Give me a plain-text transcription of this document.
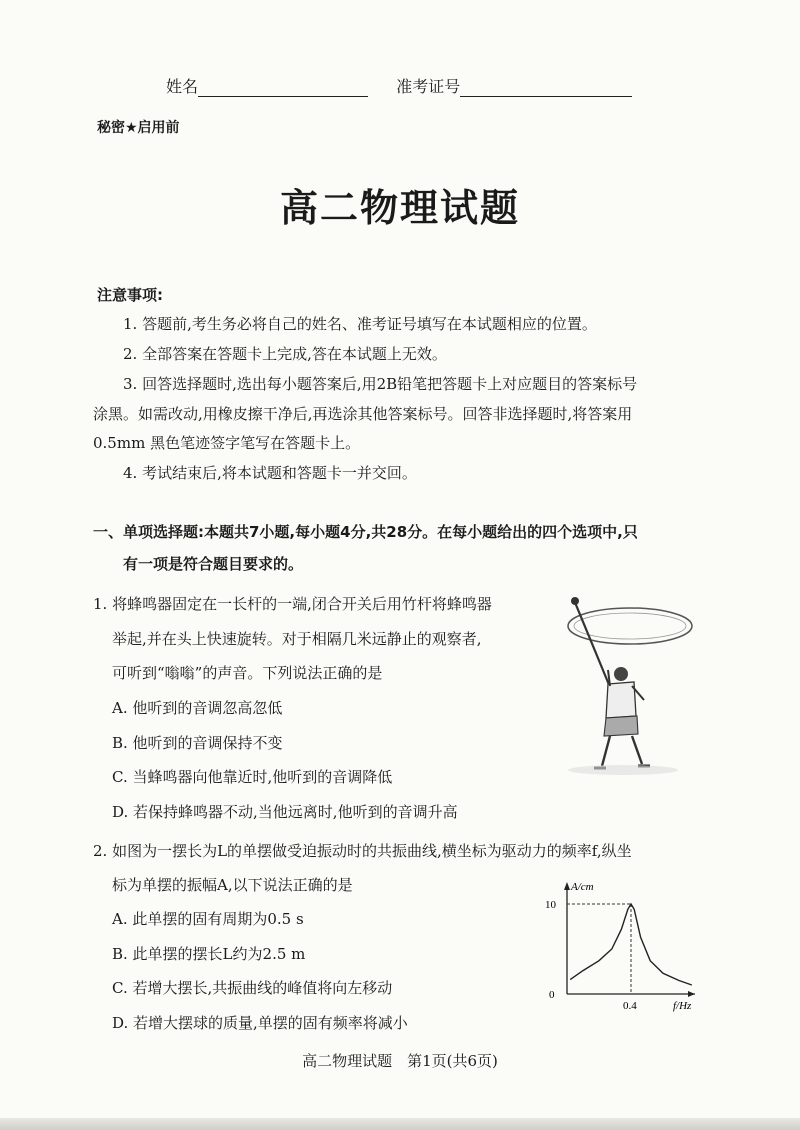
姓名	准考证号
秘密★启用前
高二物理试题
注意事项:
1. 答题前,考生务必将自己的姓名、准考证号填写在本试题相应的位置。
2. 全部答案在答题卡上完成,答在本试题上无效。
3. 回答选择题时,选出每小题答案后,用2B铅笔把答题卡上对应题目的答案标号
涂黑。如需改动,用橡皮擦干净后,再选涂其他答案标号。回答非选择题时,将答案用
0.5mm 黑色笔迹签字笔写在答题卡上。
4. 考试结束后,将本试题和答题卡一并交回。
一、单项选择题:本题共7小题,每小题4分,共28分。在每小题给出的四个选项中,只
有一项是符合题目要求的。
1. 将蜂鸣器固定在一长杆的一端,闭合开关后用竹杆将蜂鸣器
举起,并在头上快速旋转。对于相隔几米远静止的观察者,
可听到“嗡嗡”的声音。下列说法正确的是
A. 他听到的音调忽高忽低
B. 他听到的音调保持不变
C. 当蜂鸣器向他靠近时,他听到的音调降低
D. 若保持蜂鸣器不动,当他远离时,他听到的音调升高
2. 如图为一摆长为L的单摆做受迫振动时的共振曲线,横坐标为驱动力的频率f,纵坐
标为单摆的振幅A,以下说法正确的是
A. 此单摆的固有周期为0.5 s
B. 此单摆的摆长L约为2.5 m
C. 若增大摆长,共振曲线的峰值将向左移动
D. 若增大摆球的质量,单摆的固有频率将减小
A/cm
f/Hz
10
0.4
0
高二物理试题　第1页(共6页)
